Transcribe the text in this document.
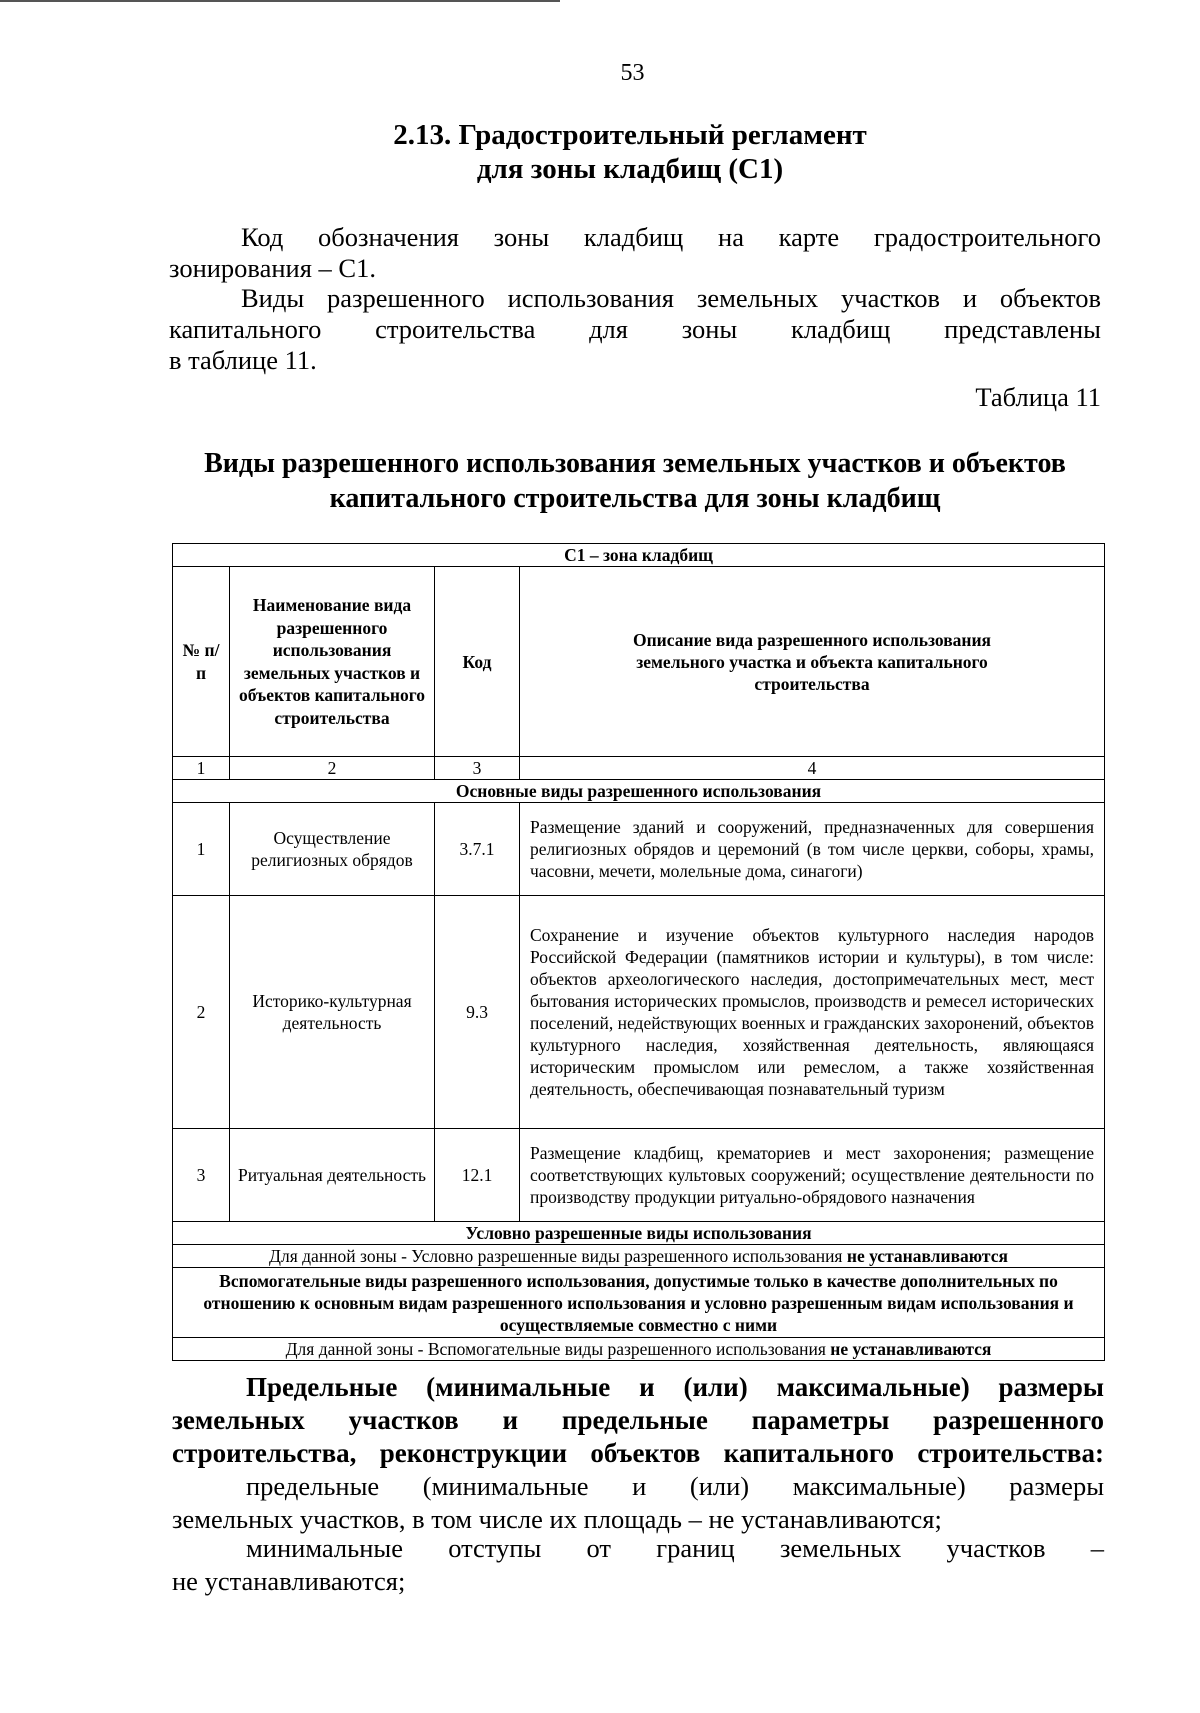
53
2.13. Градостроительный регламент
для зоны кладбищ (С1)

Код обозначения зоны кладбищ на карте градостроительного
зонирования – С1.

Виды разрешенного использования земельных участков и объектов
капитального строительства для зоны кладбищ представлены
в таблице 11.

Таблица 11
Виды разрешенного использования земельных участков и объектов
капитального строительства для зоны кладбищ
С1 – зона кладбищ			
№ п/п	Наименование вида разрешенного использования земельных участков и объектов капитального строительства	Код	Описание вида разрешенного использования земельного участка и объекта капитального строительства
1	2	3	4
Основные виды разрешенного использования			
1	Осуществление религиозных обрядов	3.7.1	Размещение зданий и сооружений, предназначенных для совершения религиозных обрядов и церемоний (в том числе церкви, соборы, храмы, часовни, мечети, молельные дома, синагоги)
2	Историко-культурная деятельность	9.3	Сохранение и изучение объектов культурного наследия народов Российской Федерации (памятников истории и культуры), в том числе: объектов археологического наследия, достопримечательных мест, мест бытования исторических промыслов, производств и ремесел исторических поселений, недействующих военных и гражданских захоронений, объектов культурного наследия, хозяйственная деятельность, являющаяся историческим промыслом или ремеслом, а также хозяйственная деятельность, обеспечивающая познавательный туризм
3	Ритуальная деятельность	12.1	Размещение кладбищ, крематориев и мест захоронения; размещение соответствующих культовых сооружений; осуществление деятельности по производству продукции ритуально-обрядового назначения
Условно разрешенные виды использования			
Для данной зоны - Условно разрешенные виды разрешенного использования не устанавливаются			
Вспомогательные виды разрешенного использования, допустимые только в качестве дополнительных по отношению к основным видам разрешенного использования и условно разрешенным видам использования и осуществляемые совместно с ними			
Для данной зоны - Вспомогательные виды разрешенного использования не устанавливаются			
Предельные (минимальные и (или) максимальные) размеры
земельных участков и предельные параметры разрешенного
строительства, реконструкции объектов капитального строительства:
предельные (минимальные и (или) максимальные) размеры
земельных участков, в том числе их площадь – не устанавливаются;
минимальные отступы от границ земельных участков –
не устанавливаются;
